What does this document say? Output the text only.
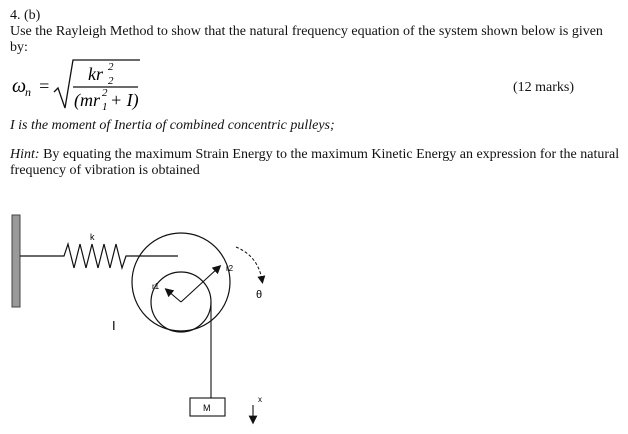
4. (b)
Use the Rayleigh Method to show that the natural frequency equation of the system shown below is given
by:
ω
n =
kr 2
2
(mr 2
1 + I)
(12 marks)
I is the moment of Inertia of combined concentric pulleys;
Hint: By equating the maximum Strain Energy to the maximum Kinetic Energy an expression for the natural
frequency of vibration is obtained
k
r1
r2
θ
I
M
x
